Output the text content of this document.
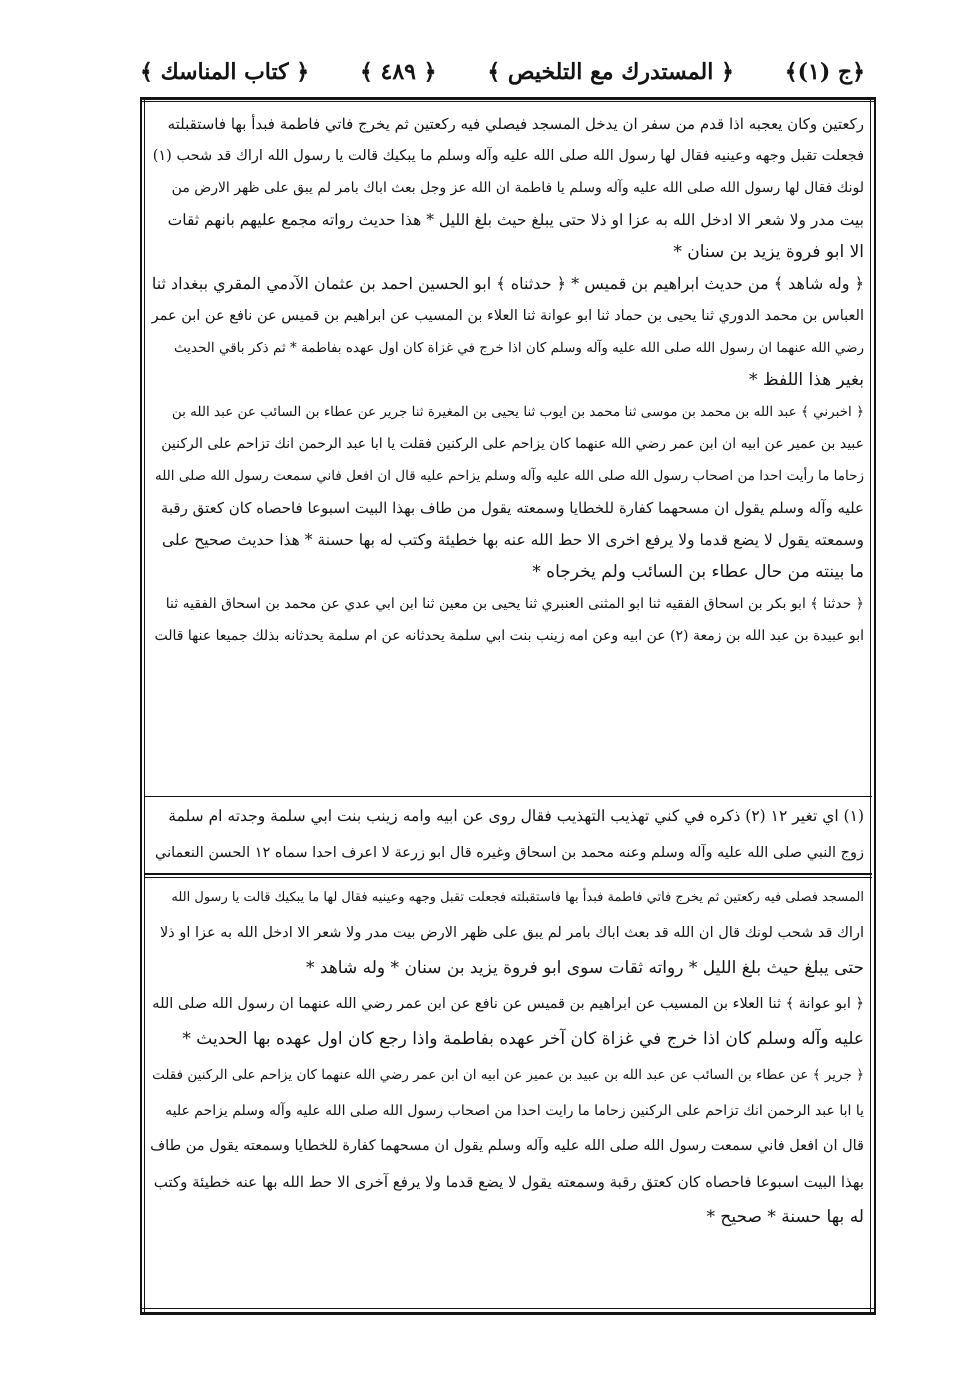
﴿ج (١)﴾
﴿ المستدرك مع التلخيص ﴾
﴿ ٤٨٩ ﴾
﴿ كتاب المناسك ﴾
ركعتين وكان يعجبه اذا قدم من سفر ان يدخل المسجد فيصلي فيه ركعتين ثم يخرج فاتي فاطمة فبدأ بها فاستقبلته
فجعلت تقبل وجهه وعينيه فقال لها رسول الله صلى الله عليه وآله وسلم ما يبكيك قالت يا رسول الله اراك قد شحب (١)
لونك فقال لها رسول الله صلى الله عليه وآله وسلم يا فاطمة ان الله عز وجل بعث اباك بامر لم يبق على ظهر الارض من
بيت مدر ولا شعر الا ادخل الله به عزا او ذلا حتى يبلغ حيث بلغ الليل * هذا حديث رواته مجمع عليهم بانهم ثقات
الا ابو فروة يزيد بن سنان *
﴿ وله شاهد ﴾ من حديث ابراهيم بن قميس * ﴿ حدثناه ﴾ ابو الحسين احمد بن عثمان الآدمي المقري ببغداد ثنا
العباس بن محمد الدوري ثنا يحيى بن حماد ثنا ابو عوانة ثنا العلاء بن المسيب عن ابراهيم بن قميس عن نافع عن ابن عمر
رضي الله عنهما ان رسول الله صلى الله عليه وآله وسلم كان اذا خرج في غزاة كان اول عهده بفاطمة * ثم ذكر باقي الحديث
بغير هذا اللفظ *
﴿ اخبرني ﴾ عبد الله بن محمد بن موسى ثنا محمد بن ايوب ثنا يحيى بن المغيرة ثنا جرير عن عطاء بن السائب عن عبد الله بن
عبيد بن عمير عن ابيه ان ابن عمر رضي الله عنهما كان يزاحم على الركنين فقلت يا ابا عبد الرحمن انك تزاحم على الركنين
زحاما ما رأيت احدا من اصحاب رسول الله صلى الله عليه وآله وسلم يزاحم عليه قال ان افعل فاني سمعت رسول الله صلى الله
عليه وآله وسلم يقول ان مسحهما كفارة للخطايا وسمعته يقول من طاف بهذا البيت اسبوعا فاحصاه كان كعتق رقبة
وسمعته يقول لا يضع قدما ولا يرفع اخرى الا حط الله عنه بها خطيئة وكتب له بها حسنة * هذا حديث صحيح على
ما بينته من حال عطاء بن السائب ولم يخرجاه *
﴿ حدثنا ﴾ ابو بكر بن اسحاق الفقيه ثنا ابو المثنى العنبري ثنا يحيى بن معين ثنا ابن ابي عدي عن محمد بن اسحاق الفقيه ثنا
ابو عبيدة بن عبد الله بن زمعة (٢) عن ابيه وعن امه زينب بنت ابي سلمة يحدثانه عن ام سلمة يحدثانه بذلك جميعا عنها قالت
(١) اي تغير ١٢ (٢) ذكره في كني تهذيب التهذيب فقال روى عن ابيه وامه زينب بنت ابي سلمة وجدته ام سلمة
زوج النبي صلى الله عليه وآله وسلم وعنه محمد بن اسحاق وغيره قال ابو زرعة لا اعرف احدا سماه ١٢ الحسن النعماني
المسجد فصلى فيه ركعتين ثم يخرج فاتي فاطمة فبدأ بها فاستقبلته فجعلت تقبل وجهه وعينيه فقال لها ما يبكيك قالت يا رسول الله
اراك قد شحب لونك قال ان الله قد بعث اباك بامر لم يبق على ظهر الارض بيت مدر ولا شعر الا ادخل الله به عزا او ذلا
حتى يبلغ حيث بلغ الليل * رواته ثقات سوى ابو فروة يزيد بن سنان * وله شاهد *
﴿ ابو عوانة ﴾ ثنا العلاء بن المسيب عن ابراهيم بن قميس عن نافع عن ابن عمر رضي الله عنهما ان رسول الله صلى الله
عليه وآله وسلم كان اذا خرج في غزاة كان آخر عهده بفاطمة واذا رجع كان اول عهده بها الحديث *
﴿ جرير ﴾ عن عطاء بن السائب عن عبد الله بن عبيد بن عمير عن ابيه ان ابن عمر رضي الله عنهما كان يزاحم على الركنين فقلت
يا ابا عبد الرحمن انك تزاحم على الركنين زحاما ما رايت احدا من اصحاب رسول الله صلى الله عليه وآله وسلم يزاحم عليه
قال ان افعل فاني سمعت رسول الله صلى الله عليه وآله وسلم يقول ان مسحهما كفارة للخطايا وسمعته يقول من طاف
بهذا البيت اسبوعا فاحصاه كان كعتق رقبة وسمعته يقول لا يضع قدما ولا يرفع آخرى الا حط الله بها عنه خطيئة وكتب
له بها حسنة * صحيح *
